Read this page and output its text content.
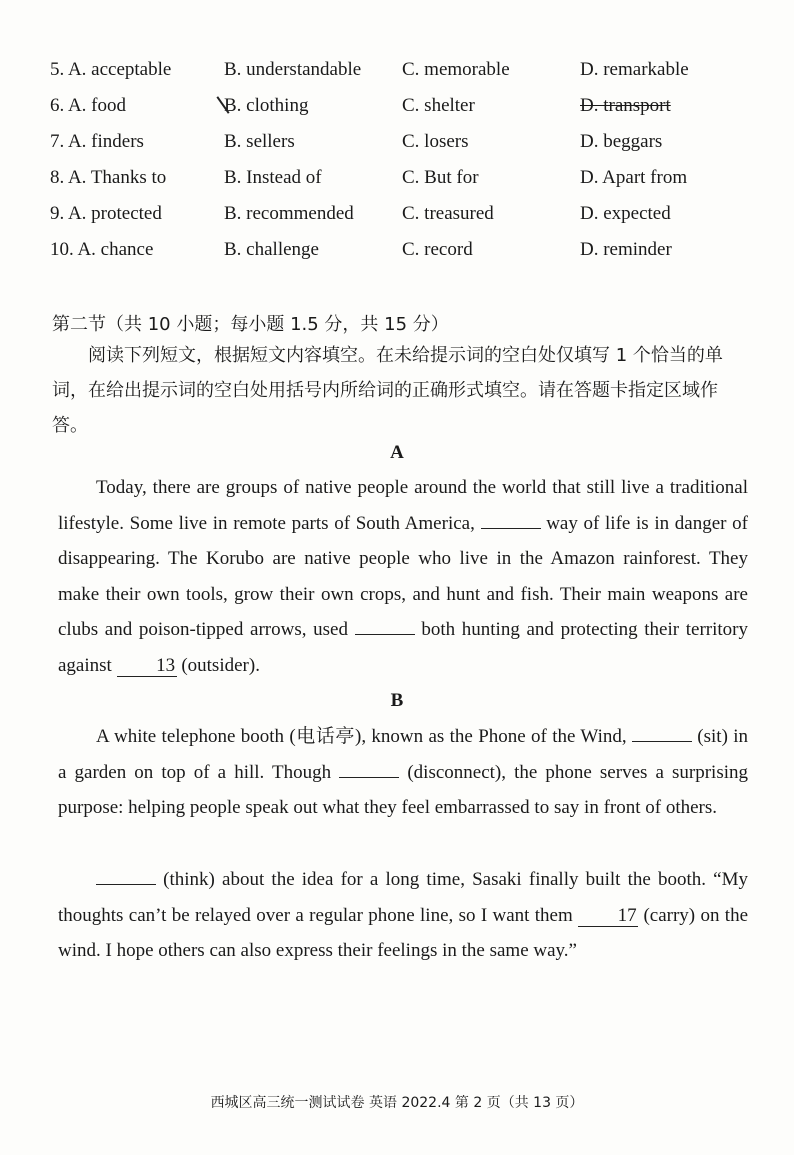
5. A. acceptable	B. understandable	C. memorable	D. remarkable
6. A. food	B. clothing	C. shelter	D. transport
7. A. finders	B. sellers	C. losers	D. beggars
8. A. Thanks to	B. Instead of	C. But for	D. Apart from
9. A. protected	B. recommended	C. treasured	D. expected
10. A. chance	B. challenge	C. record	D. reminder
第二节（共 10 小题；每小题 1.5 分，共 15 分）
阅读下列短文，根据短文内容填空。在未给提示词的空白处仅填写 1 个恰当的单词，在给出提示词的空白处用括号内所给词的正确形式填空。请在答题卡指定区域作答。
A
Today, there are groups of native people around the world that still live a traditional lifestyle. Some live in remote parts of South America,	way of life is in danger of disappearing. The Korubo are native people who live in the Amazon rainforest. They make their own tools, grow their own crops, and hunt and fish. Their main weapons are clubs and poison-tipped arrows, used	both hunting and protecting their territory against 13 (outsider).
B
A white telephone booth (电话亭), known as the Phone of the Wind,	(sit) in a garden on top of a hill. Though	(disconnect), the phone serves a surprising purpose: helping people speak out what they feel embarrassed to say in front of others.
(think) about the idea for a long time, Sasaki finally built the booth. “My thoughts can’t be relayed over a regular phone line, so I want them 17 (carry) on the wind. I hope others can also express their feelings in the same way.”
西城区高三统一测试试卷 英语 2022.4 第 2 页（共 13 页）
